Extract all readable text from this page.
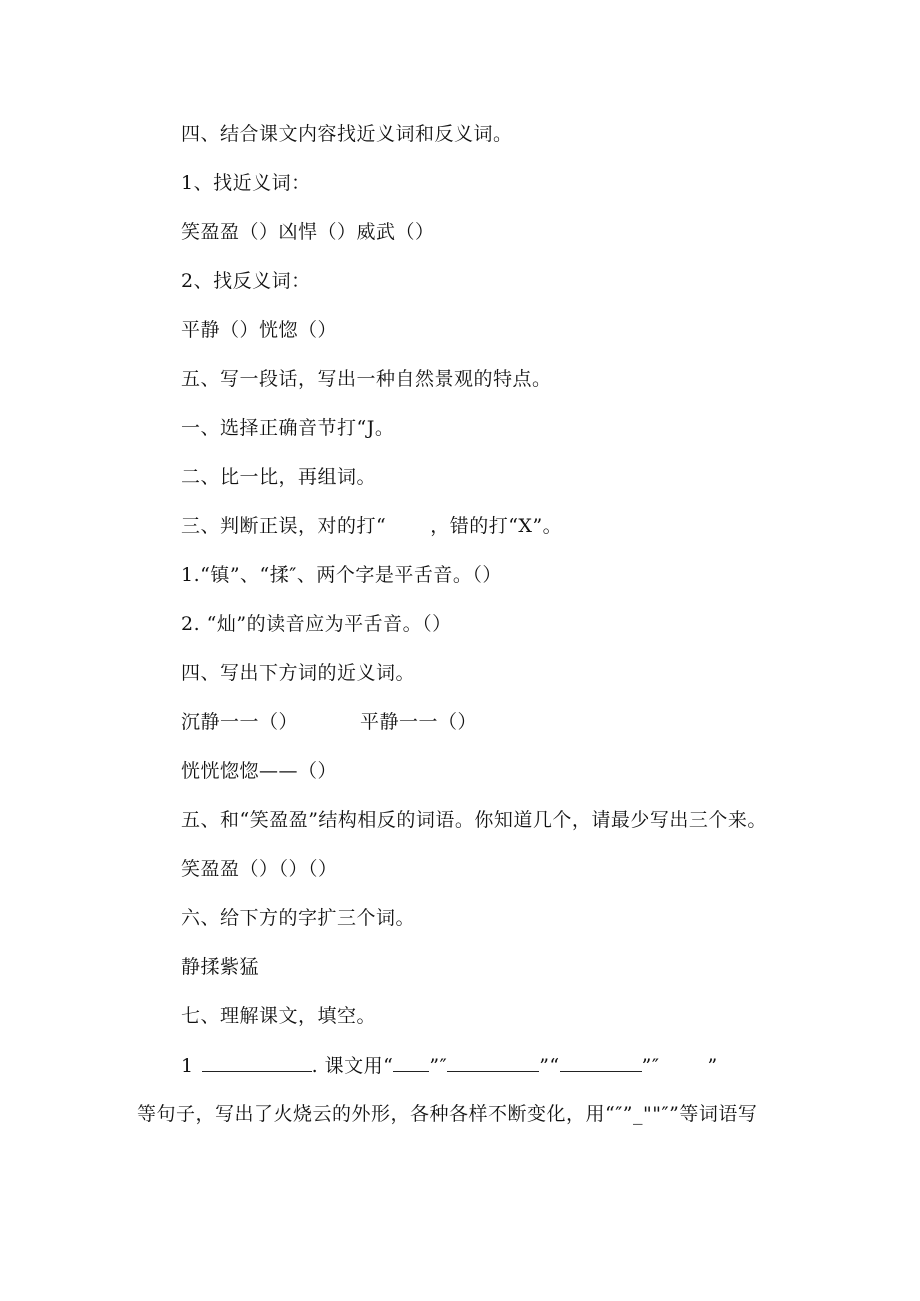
四、结合课文内容找近义词和反义词。
1、找近义词：
笑盈盈（）凶悍（）威武（）
2、找反义词：
平静（）恍惚（）
五、写一段话，写出一种自然景观的特点。
一、选择正确音节打“J。
二、比一比，再组词。
三、判断正误，对的打“ ，错的打“X”。
1.“镇”、“揉″、两个字是平舌音。（）
2. “灿”的读音应为平舌音。（）
四、写出下方词的近义词。
沉静一一（）	平静一一（）
恍恍惚惚——（）
五、和“笑盈盈”结构相反的词语。你知道几个，请最少写出三个来。
笑盈盈（）（）（）
六、给下方的字扩三个词。
静揉紫猛
七、理解课文，填空。
1	. 课文用“ ”″	”“	”″	”
等句子，写出了火烧云的外形，各种各样不断变化，用“″”_""″”等词语写
